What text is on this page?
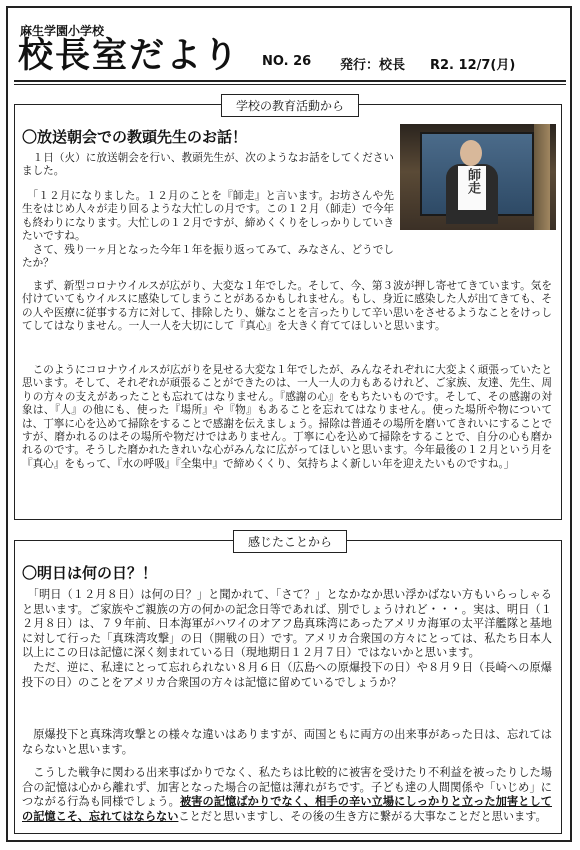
麻生学園小学校
校長室だより NO. 26 発行：校長 R2. 12/7(月)
学校の教育活動から
〇放送朝会での教頭先生のお話！
師走
　１日（火）に放送朝会を行い、教頭先生が、次のようなお話をしてくださいました。
　「１２月になりました。１２月のことを『師走』と言います。お坊さんや先生をはじめ人々が走り回るような大忙しの月です。この１２月（師走）で今年も終わりになります。大忙しの１２月ですが、締めくくりをしっかりしていきたいですね。
　さて、残り一ヶ月となった今年１年を振り返ってみて、みなさん、どうでしたか？
　まず、新型コロナウイルスが広がり、大変な１年でした。そして、今、第３波が押し寄せてきています。気を付けていてもウイルスに感染してしまうことがあるかもしれません。もし、身近に感染した人が出てきても、その人や医療に従事する方に対して、排除したり、嫌なことを言ったりして辛い思いをさせるようなことをけっしてしてはなりません。一人一人を大切にして『真心』を大きく育ててほしいと思います。
　このようにコロナウイルスが広がりを見せる大変な１年でしたが、みんなそれぞれに大変よく頑張っていたと思います。そして、それぞれが頑張ることができたのは、一人一人の力もあるけれど、ご家族、友達、先生、周りの方々の支えがあったことも忘れてはなりません。『感謝の心』をもちたいものです。そして、その感謝の対象は、『人』の他にも、使った『場所』や『物』もあることを忘れてはなりません。使った場所や物については、丁寧に心を込めて掃除をすることで感謝を伝えましょう。掃除は普通その場所を磨いてきれいにすることですが、磨かれるのはその場所や物だけではありません。丁寧に心を込めて掃除をすることで、自分の心も磨かれるのです。そうした磨かれたきれいな心がみんなに広がってほしいと思います。今年最後の１２月という月を『真心』をもって、『水の呼吸』『全集中』で締めくくり、気持ちよく新しい年を迎えたいものですね。」
感じたことから
〇明日は何の日？！
　「明日（１２月８日）は何の日？」と聞かれて、「さて？」となかなか思い浮かばない方もいらっしゃると思います。ご家族やご親族の方の何かの記念日等であれば、別でしょうけれど・・・。実は、明日（１２月８日）は、７９年前、日本海軍がハワイのオアフ島真珠湾にあったアメリカ海軍の太平洋艦隊と基地に対して行った「真珠湾攻撃」の日（開戦の日）です。アメリカ合衆国の方々にとっては、私たち日本人以上にこの日は記憶に深く刻まれている日（現地期日１２月７日）ではないかと思います。
　ただ、逆に、私達にとって忘れられない８月６日（広島への原爆投下の日）や８月９日（長崎への原爆投下の日）のことをアメリカ合衆国の方々は記憶に留めているでしょうか？
　原爆投下と真珠湾攻撃との様々な違いはありますが、両国ともに両方の出来事があった日は、忘れてはならないと思います。
　こうした戦争に関わる出来事ばかりでなく、私たちは比較的に被害を受けたり不利益を被ったりした場合の記憶は心から離れず、加害となった場合の記憶は薄れがちです。子ども達の人間関係や「いじめ」につながる行為も同様でしょう。被害の記憶ばかりでなく、相手の辛い立場にしっかりと立った加害としての記憶こそ、忘れてはならないことだと思いますし、その後の生き方に繋がる大事なことだと思います。
